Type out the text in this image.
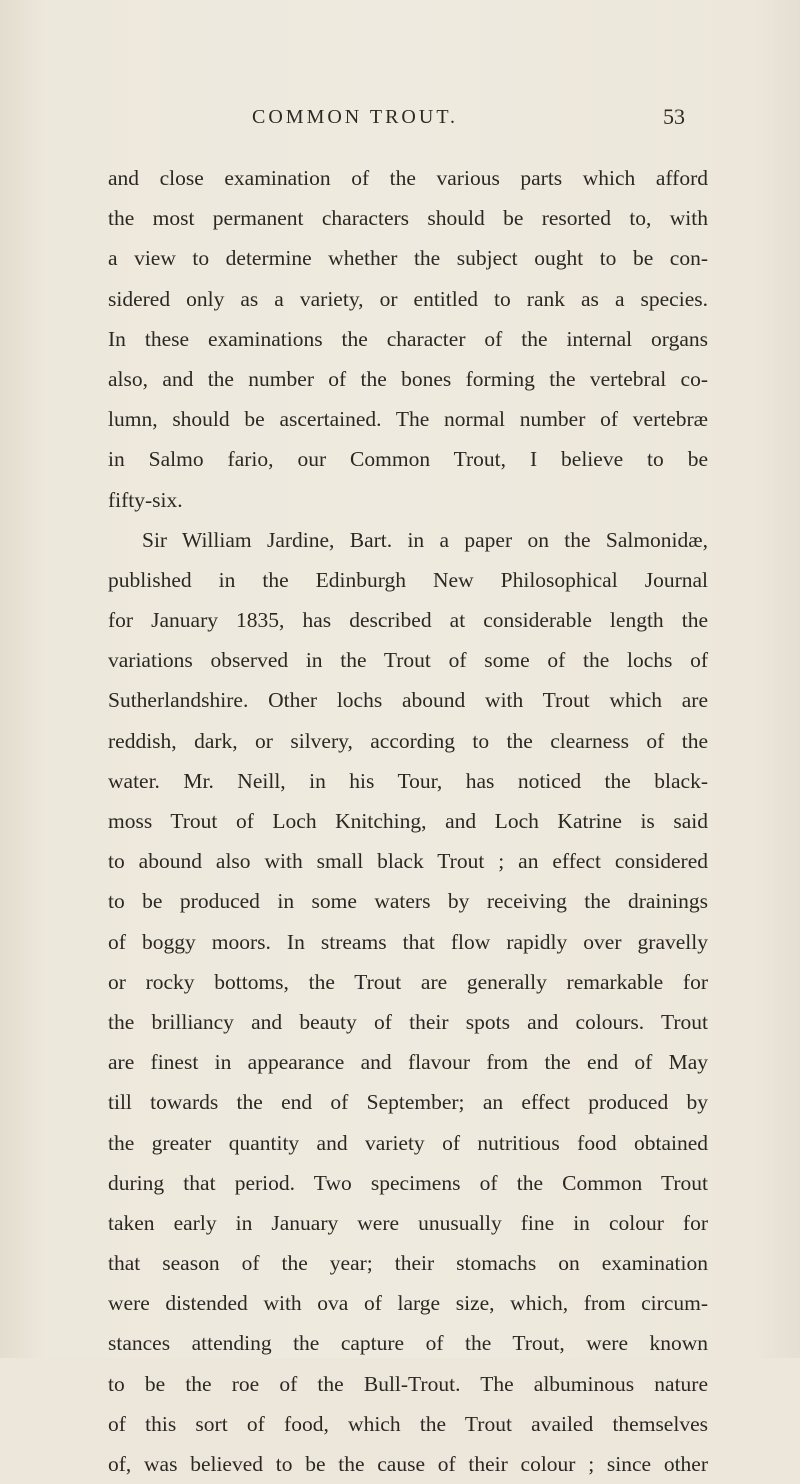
COMMON TROUT.	53
and close examination of the various parts which afford
the most permanent characters should be resorted to, with
a view to determine whether the subject ought to be con-
sidered only as a variety, or entitled to rank as a species.
In these examinations the character of the internal organs
also, and the number of the bones forming the vertebral co-
lumn, should be ascertained. The normal number of vertebræ
in Salmo fario, our Common Trout, I believe to be
fifty-six.
Sir William Jardine, Bart. in a paper on the Salmonidæ,
published in the Edinburgh New Philosophical Journal
for January 1835, has described at considerable length the
variations observed in the Trout of some of the lochs of
Sutherlandshire. Other lochs abound with Trout which are
reddish, dark, or silvery, according to the clearness of the
water. Mr. Neill, in his Tour, has noticed the black-
moss Trout of Loch Knitching, and Loch Katrine is said
to abound also with small black Trout ; an effect considered
to be produced in some waters by receiving the drainings
of boggy moors. In streams that flow rapidly over gravelly
or rocky bottoms, the Trout are generally remarkable for
the brilliancy and beauty of their spots and colours. Trout
are finest in appearance and flavour from the end of May
till towards the end of September; an effect produced by
the greater quantity and variety of nutritious food obtained
during that period. Two specimens of the Common Trout
taken early in January were unusually fine in colour for
that season of the year; their stomachs on examination
were distended with ova of large size, which, from circum-
stances attending the capture of the Trout, were known
to be the roe of the Bull-Trout. The albuminous nature
of this sort of food, which the Trout availed themselves
of, was believed to be the cause of their colour ; since other
